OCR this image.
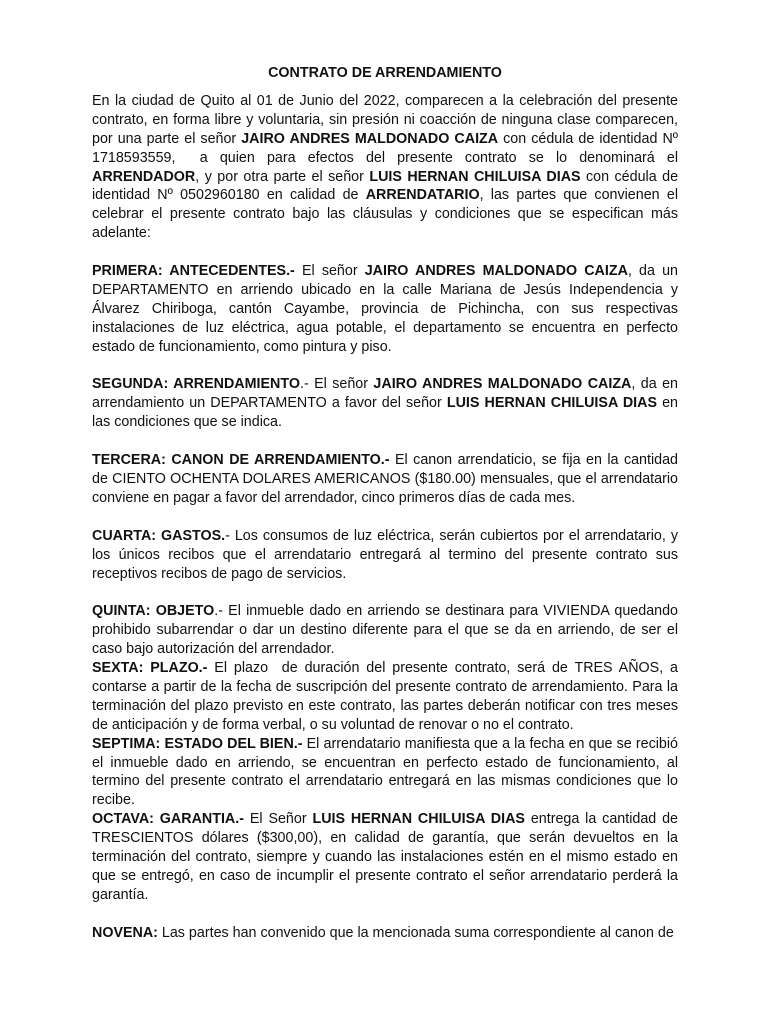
CONTRATO DE ARRENDAMIENTO

En la ciudad de Quito al 01 de Junio del 2022, comparecen a la celebración del presente contrato, en forma libre y voluntaria, sin presión ni coacción de ninguna clase comparecen, por una parte el señor JAIRO ANDRES MALDONADO CAIZA con cédula de identidad Nº 1718593559,  a quien para efectos del presente contrato se lo denominará el ARRENDADOR, y por otra parte el señor LUIS HERNAN CHILUISA DIAS con cédula de identidad Nº 0502960180 en calidad de ARRENDATARIO, las partes que convienen el celebrar el presente contrato bajo las cláusulas y condiciones que se especifican más adelante:

PRIMERA: ANTECEDENTES.- El señor JAIRO ANDRES MALDONADO CAIZA, da un DEPARTAMENTO en arriendo ubicado en la calle Mariana de Jesús Independencia y Álvarez Chiriboga, cantón Cayambe, provincia de Pichincha, con sus respectivas instalaciones de luz eléctrica, agua potable, el departamento se encuentra en perfecto estado de funcionamiento, como pintura y piso.

SEGUNDA: ARRENDAMIENTO.- El señor JAIRO ANDRES MALDONADO CAIZA, da en arrendamiento un DEPARTAMENTO a favor del señor LUIS HERNAN CHILUISA DIAS en las condiciones que se indica.

TERCERA: CANON DE ARRENDAMIENTO.- El canon arrendaticio, se fija en la cantidad de CIENTO OCHENTA DOLARES AMERICANOS ($180.00) mensuales, que el arrendatario conviene en pagar a favor del arrendador, cinco primeros días de cada mes.

CUARTA: GASTOS.- Los consumos de luz eléctrica, serán cubiertos por el arrendatario, y los únicos recibos que el arrendatario entregará al termino del presente contrato sus receptivos recibos de pago de servicios.

QUINTA: OBJETO.- El inmueble dado en arriendo se destinara para VIVIENDA quedando prohibido subarrendar o dar un destino diferente para el que se da en arriendo, de ser el caso bajo autorización del arrendador.

SEXTA: PLAZO.- El plazo  de duración del presente contrato, será de TRES AÑOS, a contarse a partir de la fecha de suscripción del presente contrato de arrendamiento. Para la terminación del plazo previsto en este contrato, las partes deberán notificar con tres meses de anticipación y de forma verbal, o su voluntad de renovar o no el contrato.

SEPTIMA: ESTADO DEL BIEN.- El arrendatario manifiesta que a la fecha en que se recibió el inmueble dado en arriendo, se encuentran en perfecto estado de funcionamiento, al termino del presente contrato el arrendatario entregará en las mismas condiciones que lo recibe.

OCTAVA: GARANTIA.- El Señor LUIS HERNAN CHILUISA DIAS entrega la cantidad de TRESCIENTOS dólares ($300,00), en calidad de garantía, que serán devueltos en la terminación del contrato, siempre y cuando las instalaciones estén en el mismo estado en que se entregó, en caso de incumplir el presente contrato el señor arrendatario perderá la garantía.

NOVENA: Las partes han convenido que la mencionada suma correspondiente al canon de
